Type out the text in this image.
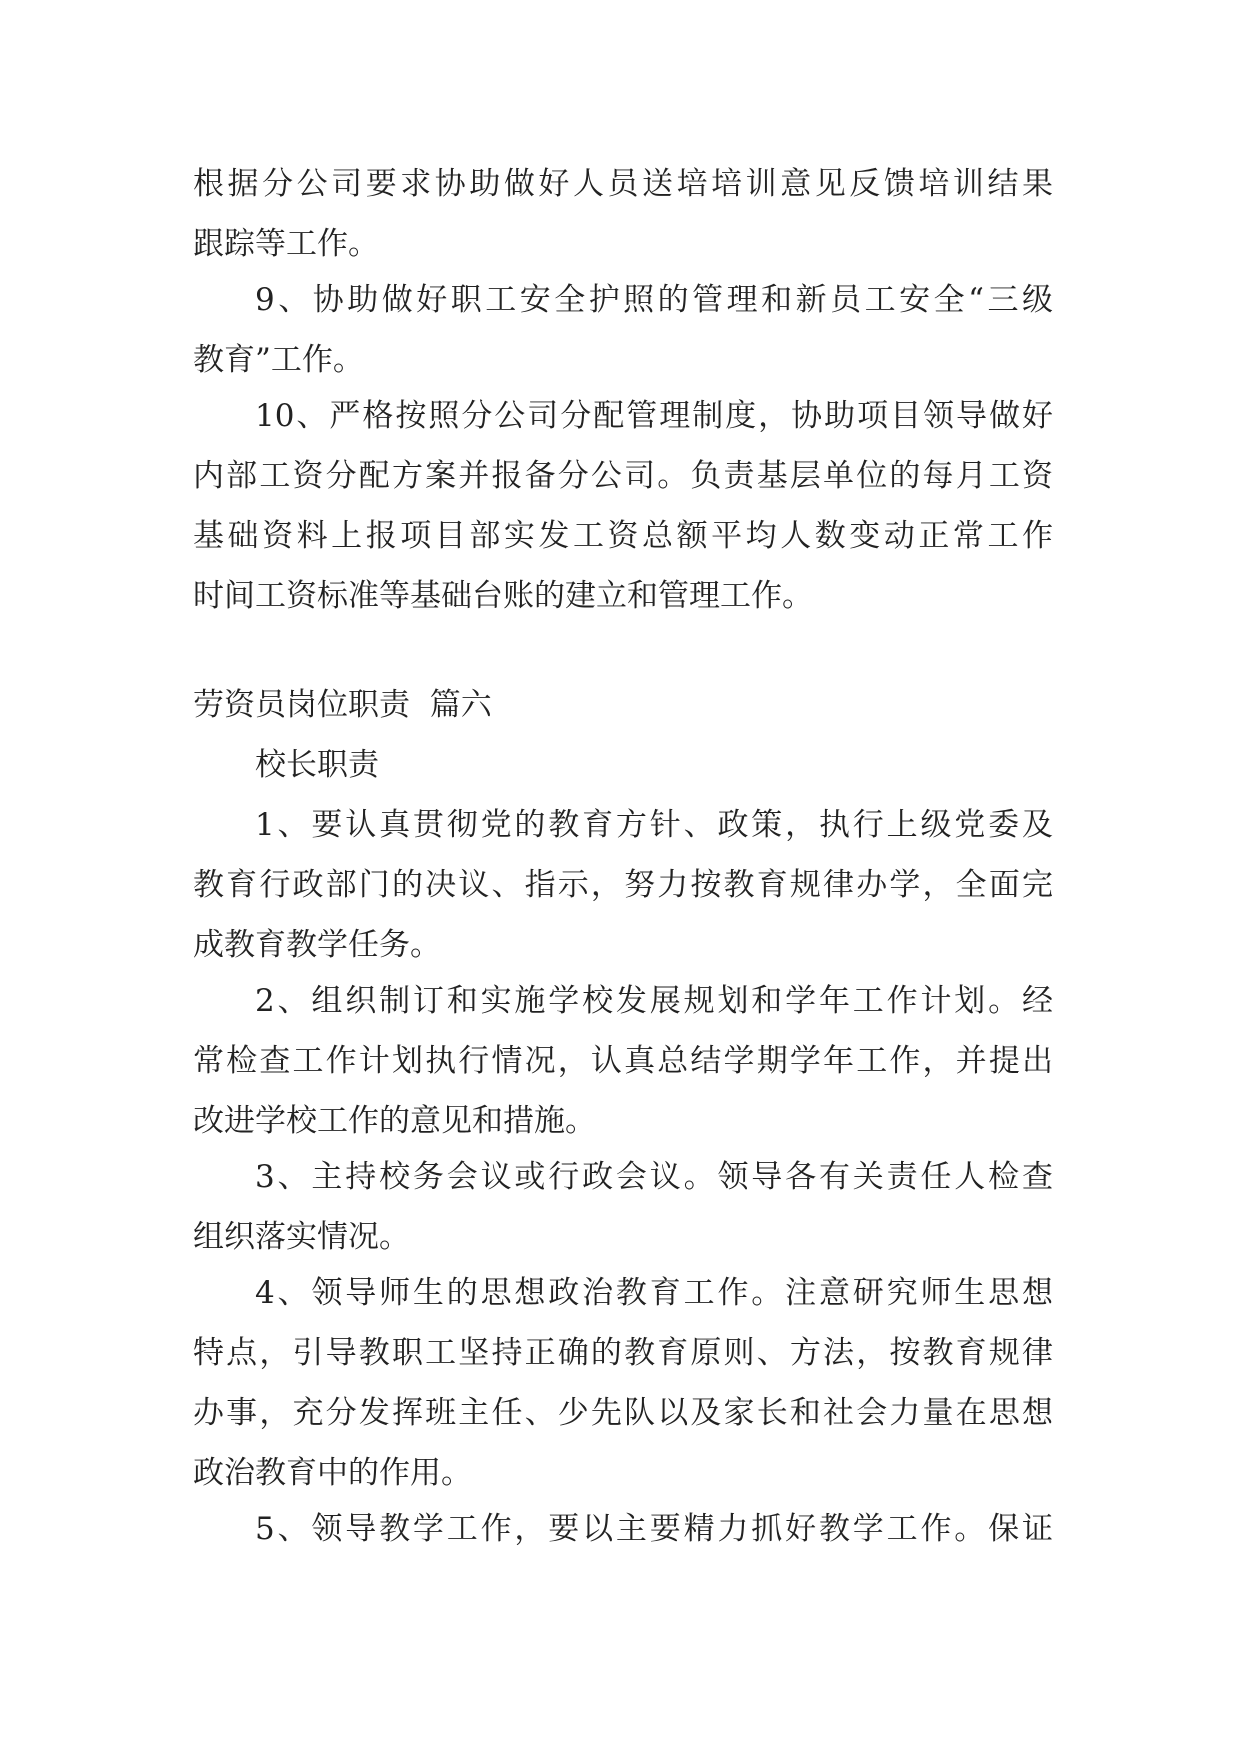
根据分公司要求协助做好人员送培培训意见反馈培训结果
跟踪等工作。
9、协助做好职工安全护照的管理和新员工安全“三级
教育”工作。
10、严格按照分公司分配管理制度，协助项目领导做好
内部工资分配方案并报备分公司。负责基层单位的每月工资
基础资料上报项目部实发工资总额平均人数变动正常工作
时间工资标准等基础台账的建立和管理工作。
劳资员岗位职责  篇六
校长职责
1、要认真贯彻党的教育方针、政策，执行上级党委及
教育行政部门的决议、指示，努力按教育规律办学，全面完
成教育教学任务。
2、组织制订和实施学校发展规划和学年工作计划。经
常检查工作计划执行情况，认真总结学期学年工作，并提出
改进学校工作的意见和措施。
3、主持校务会议或行政会议。领导各有关责任人检查
组织落实情况。
4、领导师生的思想政治教育工作。注意研究师生思想
特点，引导教职工坚持正确的教育原则、方法，按教育规律
办事，充分发挥班主任、少先队以及家长和社会力量在思想
政治教育中的作用。
5、领导教学工作，要以主要精力抓好教学工作。保证
